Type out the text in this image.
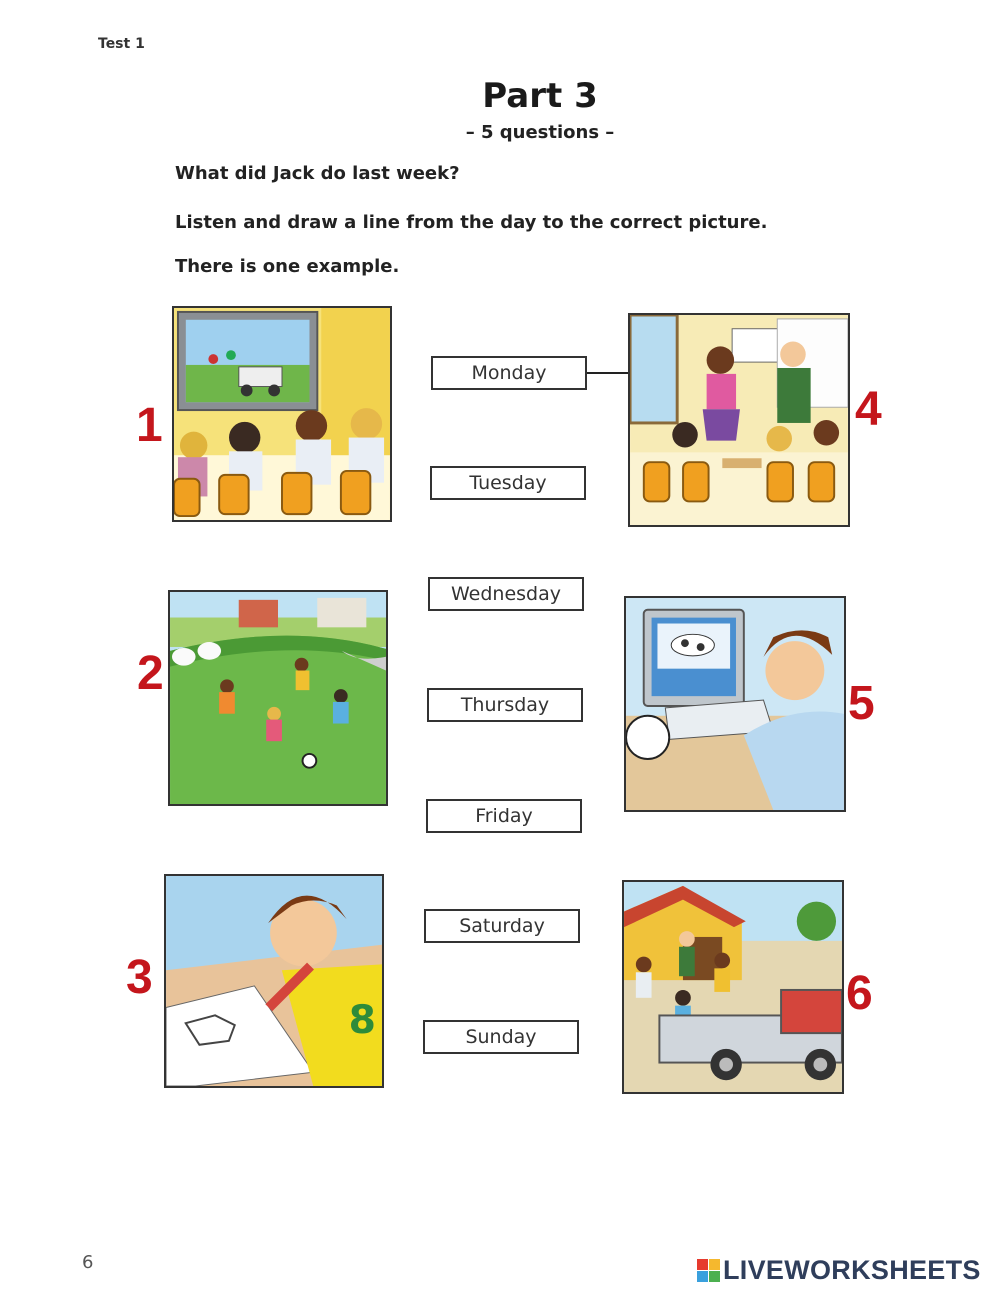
Test 1
Part 3
– 5 questions –
What did Jack do last week?
Listen and draw a line from the day to the correct picture.
There is one example.
8
1
2
3
4
5
6
Monday
Tuesday
Wednesday
Thursday
Friday
Saturday
Sunday
6	LIVEWORKSHEETS
